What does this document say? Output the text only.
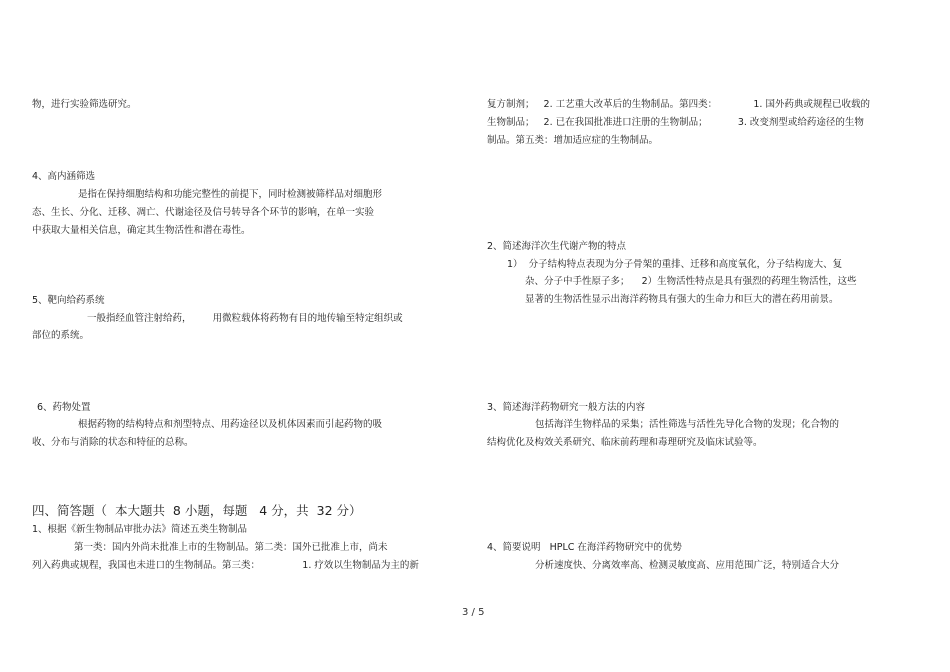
物，进行实验筛选研究。
4、高内涵筛选
是指在保持细胞结构和功能完整性的前提下，同时检测被筛样品对细胞形
态、生长、分化、迁移、凋亡、代谢途径及信号转导各个环节的影响，在单一实验
中获取大量相关信息，确定其生物活性和潜在毒性。
5、靶向给药系统
一般指经血管注射给药，       用微粒载体将药物有目的地传输至特定组织或
部位的系统。
6、药物处置
根据药物的结构特点和剂型特点、用药途径以及机体因素而引起药物的吸
收、分布与消除的状态和特征的总称。
四、简答题（  本大题共  8 小题，每题   4 分，共  32 分）
1、根据《新生物制品审批办法》简述五类生物制品
第一类：国内外尚未批准上市的生物制品。第二类：国外已批准上市，尚未
列入药典或规程，我国也未进口的生物制品。第三类：              1. 疗效以生物制品为主的新
复方制剂；   2. 工艺重大改革后的生物制品。第四类：            1. 国外药典或规程已收载的
生物制品；   2. 已在我国批准进口注册的生物制品；          3. 改变剂型或给药途径的生物
制品。第五类：增加适应症的生物制品。
2、简述海洋次生代谢产物的特点
1）  分子结构特点表现为分子骨架的重排、迁移和高度氧化，分子结构庞大、复
杂、分子中手性原子多；    2）生物活性特点是具有强烈的药理生物活性，这些
显著的生物活性显示出海洋药物具有强大的生命力和巨大的潜在药用前景。
3、简述海洋药物研究一般方法的内容
包括海洋生物样品的采集；活性筛选与活性先导化合物的发现；化合物的
结构优化及构效关系研究、临床前药理和毒理研究及临床试验等。
4、简要说明   HPLC 在海洋药物研究中的优势
分析速度快、分离效率高、检测灵敏度高、应用范围广泛，特别适合大分
3 / 5
